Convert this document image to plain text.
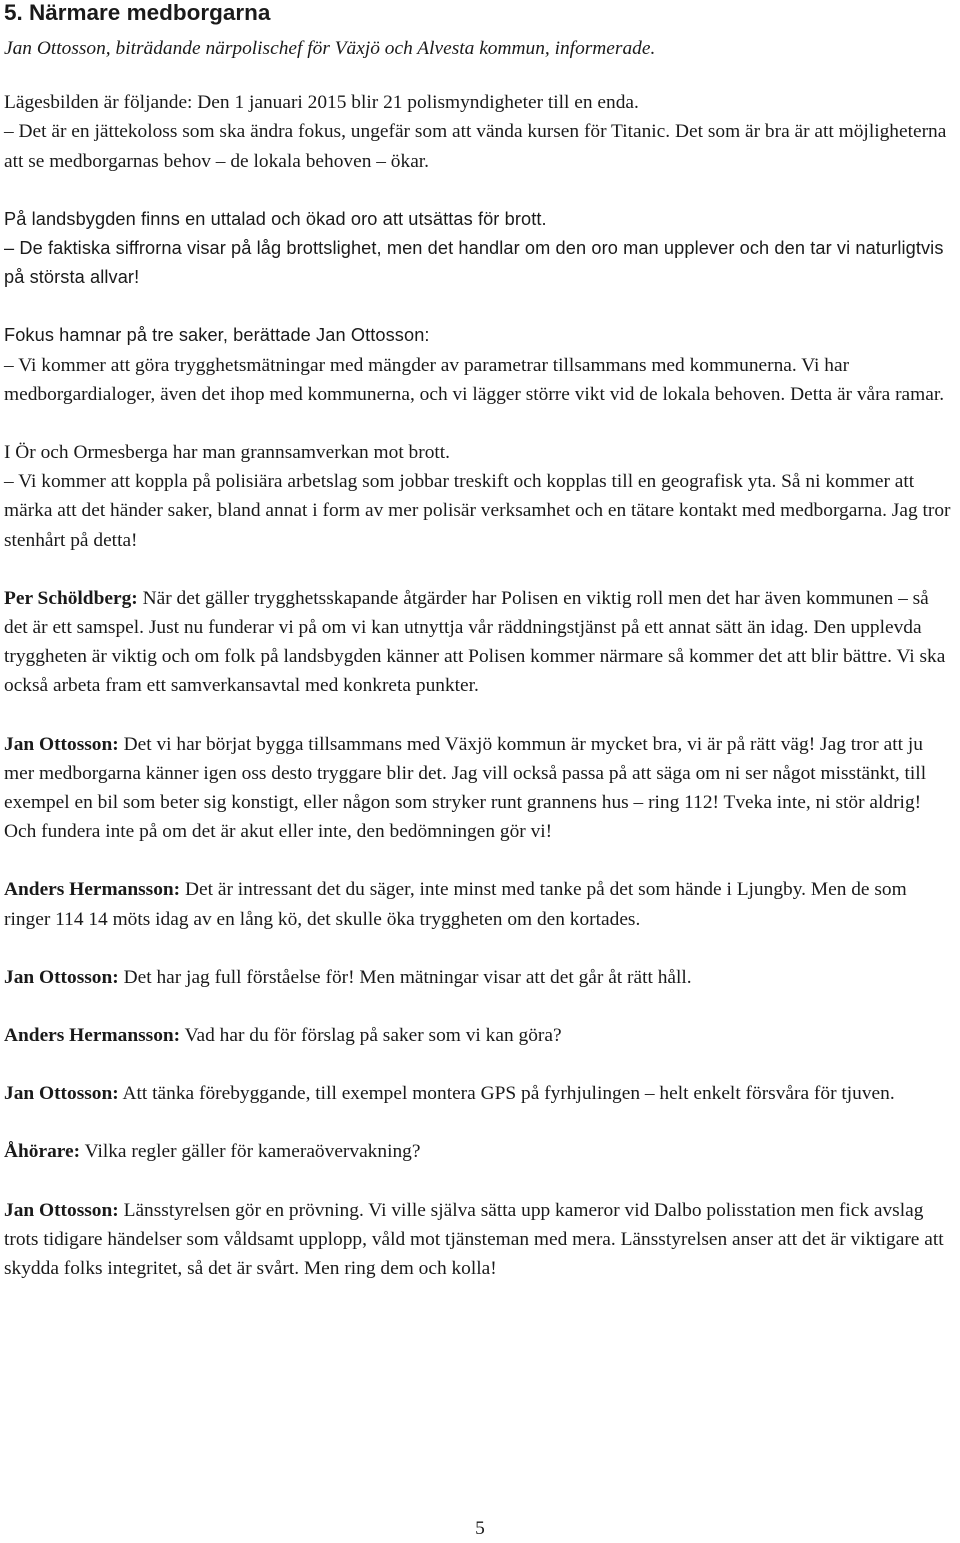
5. Närmare medborgarna

Jan Ottosson, biträdande närpolischef för Växjö och Alvesta kommun, informerade.

Lägesbilden är följande: Den 1 januari 2015 blir 21 polismyndigheter till en enda.
– Det är en jättekoloss som ska ändra fokus, ungefär som att vända kursen för Titanic. Det som är bra är att möjligheterna att se medborgarnas behov – de lokala behoven – ökar.

På landsbygden finns en uttalad och ökad oro att utsättas för brott.
– De faktiska siffrorna visar på låg brottslighet, men det handlar om den oro man upplever och den tar vi naturligtvis på största allvar!

Fokus hamnar på tre saker, berättade Jan Ottosson:
– Vi kommer att göra trygghetsmätningar med mängder av parametrar tillsammans med kommunerna. Vi har medborgardialoger, även det ihop med kommunerna, och vi lägger större vikt vid de lokala behoven. Detta är våra ramar.

I Ör och Ormesberga har man grannsamverkan mot brott.
– Vi kommer att koppla på polisiära arbetslag som jobbar treskift och kopplas till en geografisk yta. Så ni kommer att märka att det händer saker, bland annat i form av mer polisär verksamhet och en tätare kontakt med medborgarna. Jag tror stenhårt på detta!

Per Schöldberg: När det gäller trygghetsskapande åtgärder har Polisen en viktig roll men det har även kommunen – så det är ett samspel. Just nu funderar vi på om vi kan utnyttja vår räddningstjänst på ett annat sätt än idag. Den upplevda tryggheten är viktig och om folk på landsbygden känner att Polisen kommer närmare så kommer det att blir bättre. Vi ska också arbeta fram ett samverkansavtal med konkreta punkter.

Jan Ottosson: Det vi har börjat bygga tillsammans med Växjö kommun är mycket bra, vi är på rätt väg! Jag tror att ju mer medborgarna känner igen oss desto tryggare blir det. Jag vill också passa på att säga om ni ser något misstänkt, till exempel en bil som beter sig konstigt, eller någon som stryker runt grannens hus – ring 112! Tveka inte, ni stör aldrig! Och fundera inte på om det är akut eller inte, den bedömningen gör vi!

Anders Hermansson: Det är intressant det du säger, inte minst med tanke på det som hände i Ljungby. Men de som ringer 114 14 möts idag av en lång kö, det skulle öka tryggheten om den kortades.

Jan Ottosson: Det har jag full förståelse för! Men mätningar visar att det går åt rätt håll.

Anders Hermansson: Vad har du för förslag på saker som vi kan göra?

Jan Ottosson: Att tänka förebyggande, till exempel montera GPS på fyrhjulingen – helt enkelt försvåra för tjuven.

Åhörare: Vilka regler gäller för kameraövervakning?

Jan Ottosson: Länsstyrelsen gör en prövning. Vi ville själva sätta upp kameror vid Dalbo polisstation men fick avslag trots tidigare händelser som våldsamt upplopp, våld mot tjänsteman med mera. Länsstyrelsen anser att det är viktigare att skydda folks integritet, så det är svårt. Men ring dem och kolla!

5
